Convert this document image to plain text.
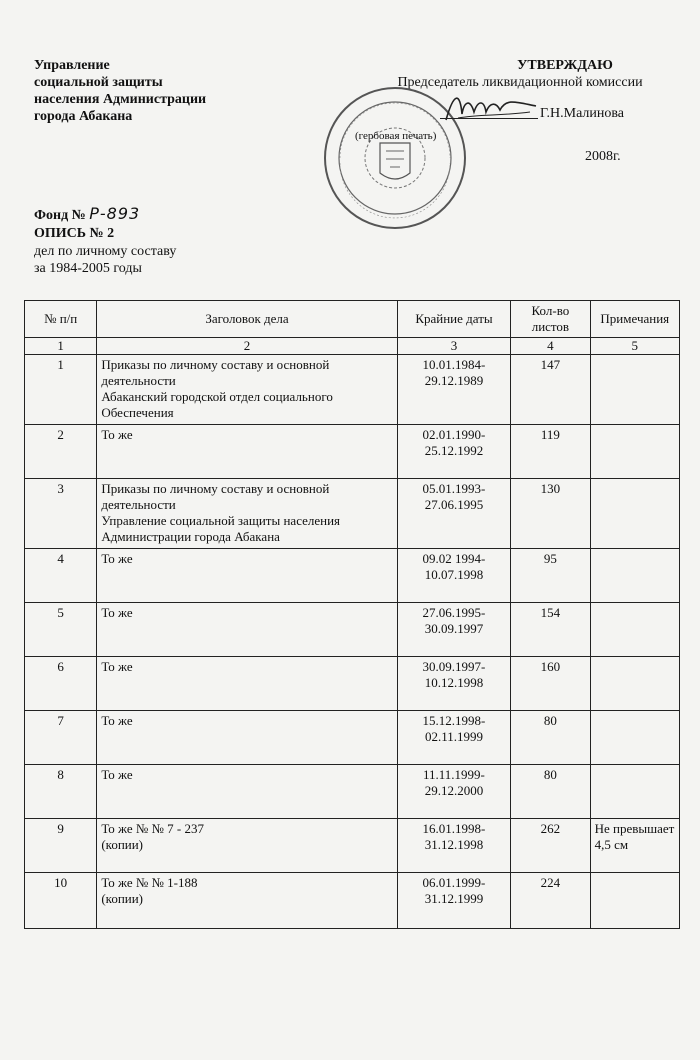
Управление
социальной защиты
населения Администрации
города Абакана
УТВЕРЖДАЮ
Председатель ликвидационной комиссии
Г.Н.Малинова
(гербовая печать)
2008г.
Фонд № Р-893
ОПИСЬ № 2
дел по личному составу
за 1984-2005 годы
№ п/п	Заголовок дела	Крайние даты	Кол-во листов	Примечания
1	2	3	4	5
1	Приказы по личному составу и основной деятельности
Абаканский городской отдел социального Обеспечения	10.01.1984-
29.12.1989	147	
2	То же	02.01.1990-
25.12.1992	119	
3	Приказы по личному составу и основной деятельности
Управление социальной защиты населения Администрации города Абакана	05.01.1993-
27.06.1995	130	
4	То же	09.02 1994-
10.07.1998	95	
5	То же	27.06.1995-
30.09.1997	154	
6	То же	30.09.1997-
10.12.1998	160	
7	То же	15.12.1998-
02.11.1999	80	
8	То же	11.11.1999-
29.12.2000	80	
9	То же № № 7 - 237
(копии)	16.01.1998-
31.12.1998	262	Не превышает 4,5 см
10	То же № № 1-188
(копии)	06.01.1999-
31.12.1999	224	
